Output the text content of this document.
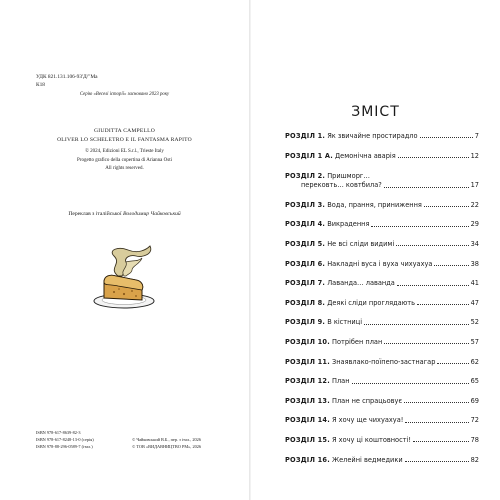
УДК 821.131.106-93'Д/"Ма
К18
Серію «Веселі історії» засновано 2023 року
GIUDITTA CAMPELLO
OLIVER LO SCHELETRO E IL FANTASMA RAPITO
© 2024, Edizioni EL S.r.l., Trieste Italy
Progetto grafico della copertina di Arianna Osti
All rights reserved.
Переклав з італійської Володимир Чайковський
ISBN 978-617-8639-82-3
ISBN 978-617-8248-13-0 (серія)
ISBN 978-88-296-0589-7 (італ.)
© Чайковський В.Б., пер. з італ., 2026
© ТОВ «ВИДАВНИЦТВО РМ», 2026
ЗМІСТ
РОЗДІЛ 1. Як звичайне простирадло	7
РОЗДІЛ 1 А. Демонічна аварія	12
РОЗДІЛ 2. Пришморг…
перековть… ковтбила?	17
РОЗДІЛ 3. Вода, прання, приниження	22
РОЗДІЛ 4. Викрадення	29
РОЗДІЛ 5. Не всі сліди видимі	34
РОЗДІЛ 6. Накладні вуса і вуха чихуахуа	38
РОЗДІЛ 7. Лаванда… лаванда	41
РОЗДІЛ 8. Деякі сліди проглядають	47
РОЗДІЛ 9. В кістниці	52
РОЗДІЛ 10. Потрібен план	57
РОЗДІЛ 11. Знаявлако-поїпепо-застнагар	62
РОЗДІЛ 12. План	65
РОЗДІЛ 13. План не спрацьовує	69
РОЗДІЛ 14. Я хочу ще чихуахуа!	72
РОЗДІЛ 15. Я хочу ці коштовності!	78
РОЗДІЛ 16. Желейні ведмедики	82
